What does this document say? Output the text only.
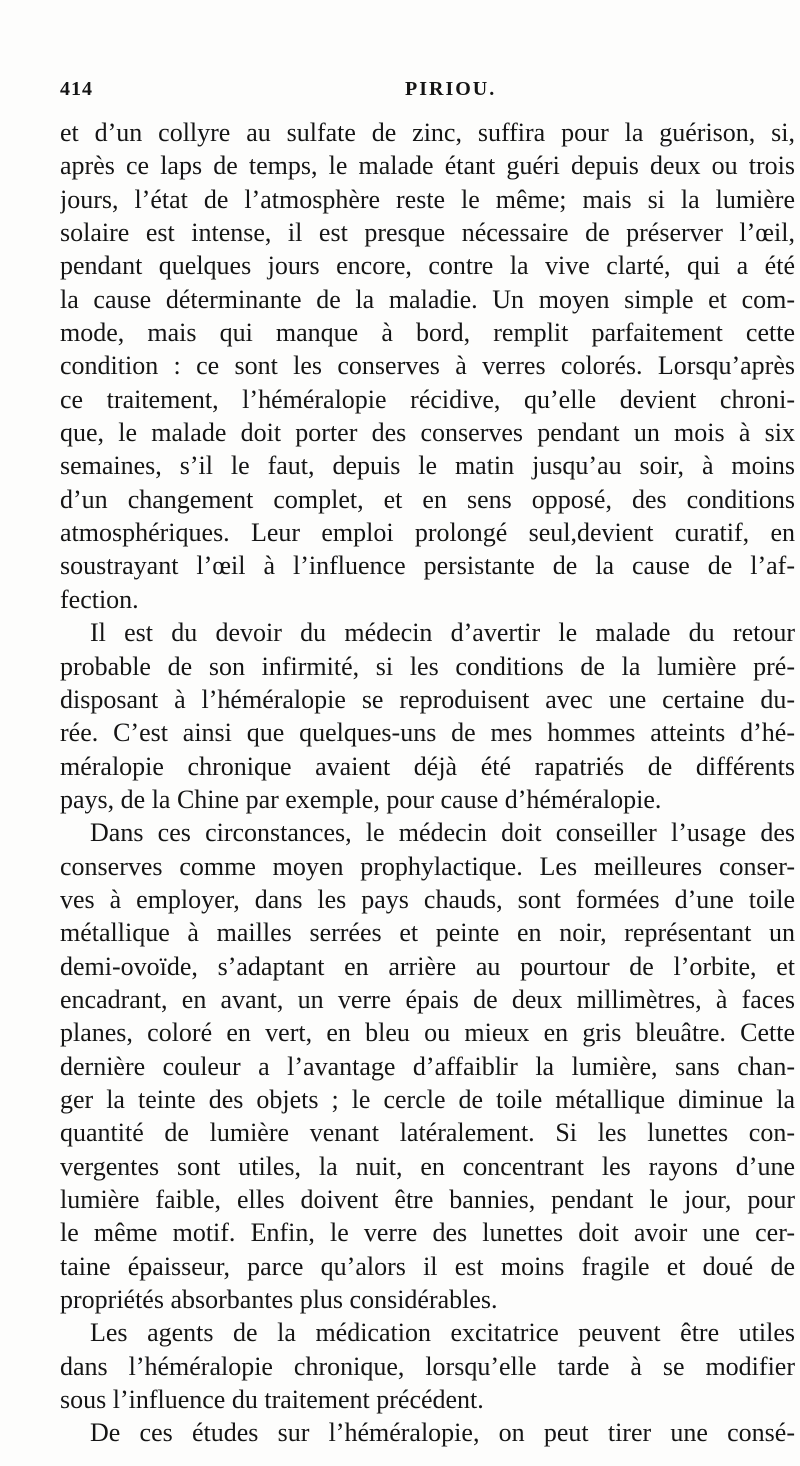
414	PIRIOU.
et d’un collyre au sulfate de zinc, suffira pour la guérison, si,
après ce laps de temps, le malade étant guéri depuis deux ou trois
jours, l’état de l’atmosphère reste le même; mais si la lumière
solaire est intense, il est presque nécessaire de préserver l’œil,
pendant quelques jours encore, contre la vive clarté, qui a été
la cause déterminante de la maladie. Un moyen simple et com-
mode, mais qui manque à bord, remplit parfaitement cette
condition : ce sont les conserves à verres colorés. Lorsqu’après
ce traitement, l’héméralopie récidive, qu’elle devient chroni-
que, le malade doit porter des conserves pendant un mois à six
semaines, s’il le faut, depuis le matin jusqu’au soir, à moins
d’un changement complet, et en sens opposé, des conditions
atmosphériques. Leur emploi prolongé seul,devient curatif, en
soustrayant l’œil à l’influence persistante de la cause de l’af-
fection.
Il est du devoir du médecin d’avertir le malade du retour
probable de son infirmité, si les conditions de la lumière pré-
disposant à l’héméralopie se reproduisent avec une certaine du-
rée. C’est ainsi que quelques-uns de mes hommes atteints d’hé-
méralopie chronique avaient déjà été rapatriés de différents
pays, de la Chine par exemple, pour cause d’héméralopie.
Dans ces circonstances, le médecin doit conseiller l’usage des
conserves comme moyen prophylactique. Les meilleures conser-
ves à employer, dans les pays chauds, sont formées d’une toile
métallique à mailles serrées et peinte en noir, représentant un
demi-ovoïde, s’adaptant en arrière au pourtour de l’orbite, et
encadrant, en avant, un verre épais de deux millimètres, à faces
planes, coloré en vert, en bleu ou mieux en gris bleuâtre. Cette
dernière couleur a l’avantage d’affaiblir la lumière, sans chan-
ger la teinte des objets ; le cercle de toile métallique diminue la
quantité de lumière venant latéralement. Si les lunettes con-
vergentes sont utiles, la nuit, en concentrant les rayons d’une
lumière faible, elles doivent être bannies, pendant le jour, pour
le même motif. Enfin, le verre des lunettes doit avoir une cer-
taine épaisseur, parce qu’alors il est moins fragile et doué de
propriétés absorbantes plus considérables.
Les agents de la médication excitatrice peuvent être utiles
dans l’héméralopie chronique, lorsqu’elle tarde à se modifier
sous l’influence du traitement précédent.
De ces études sur l’héméralopie, on peut tirer une consé-
